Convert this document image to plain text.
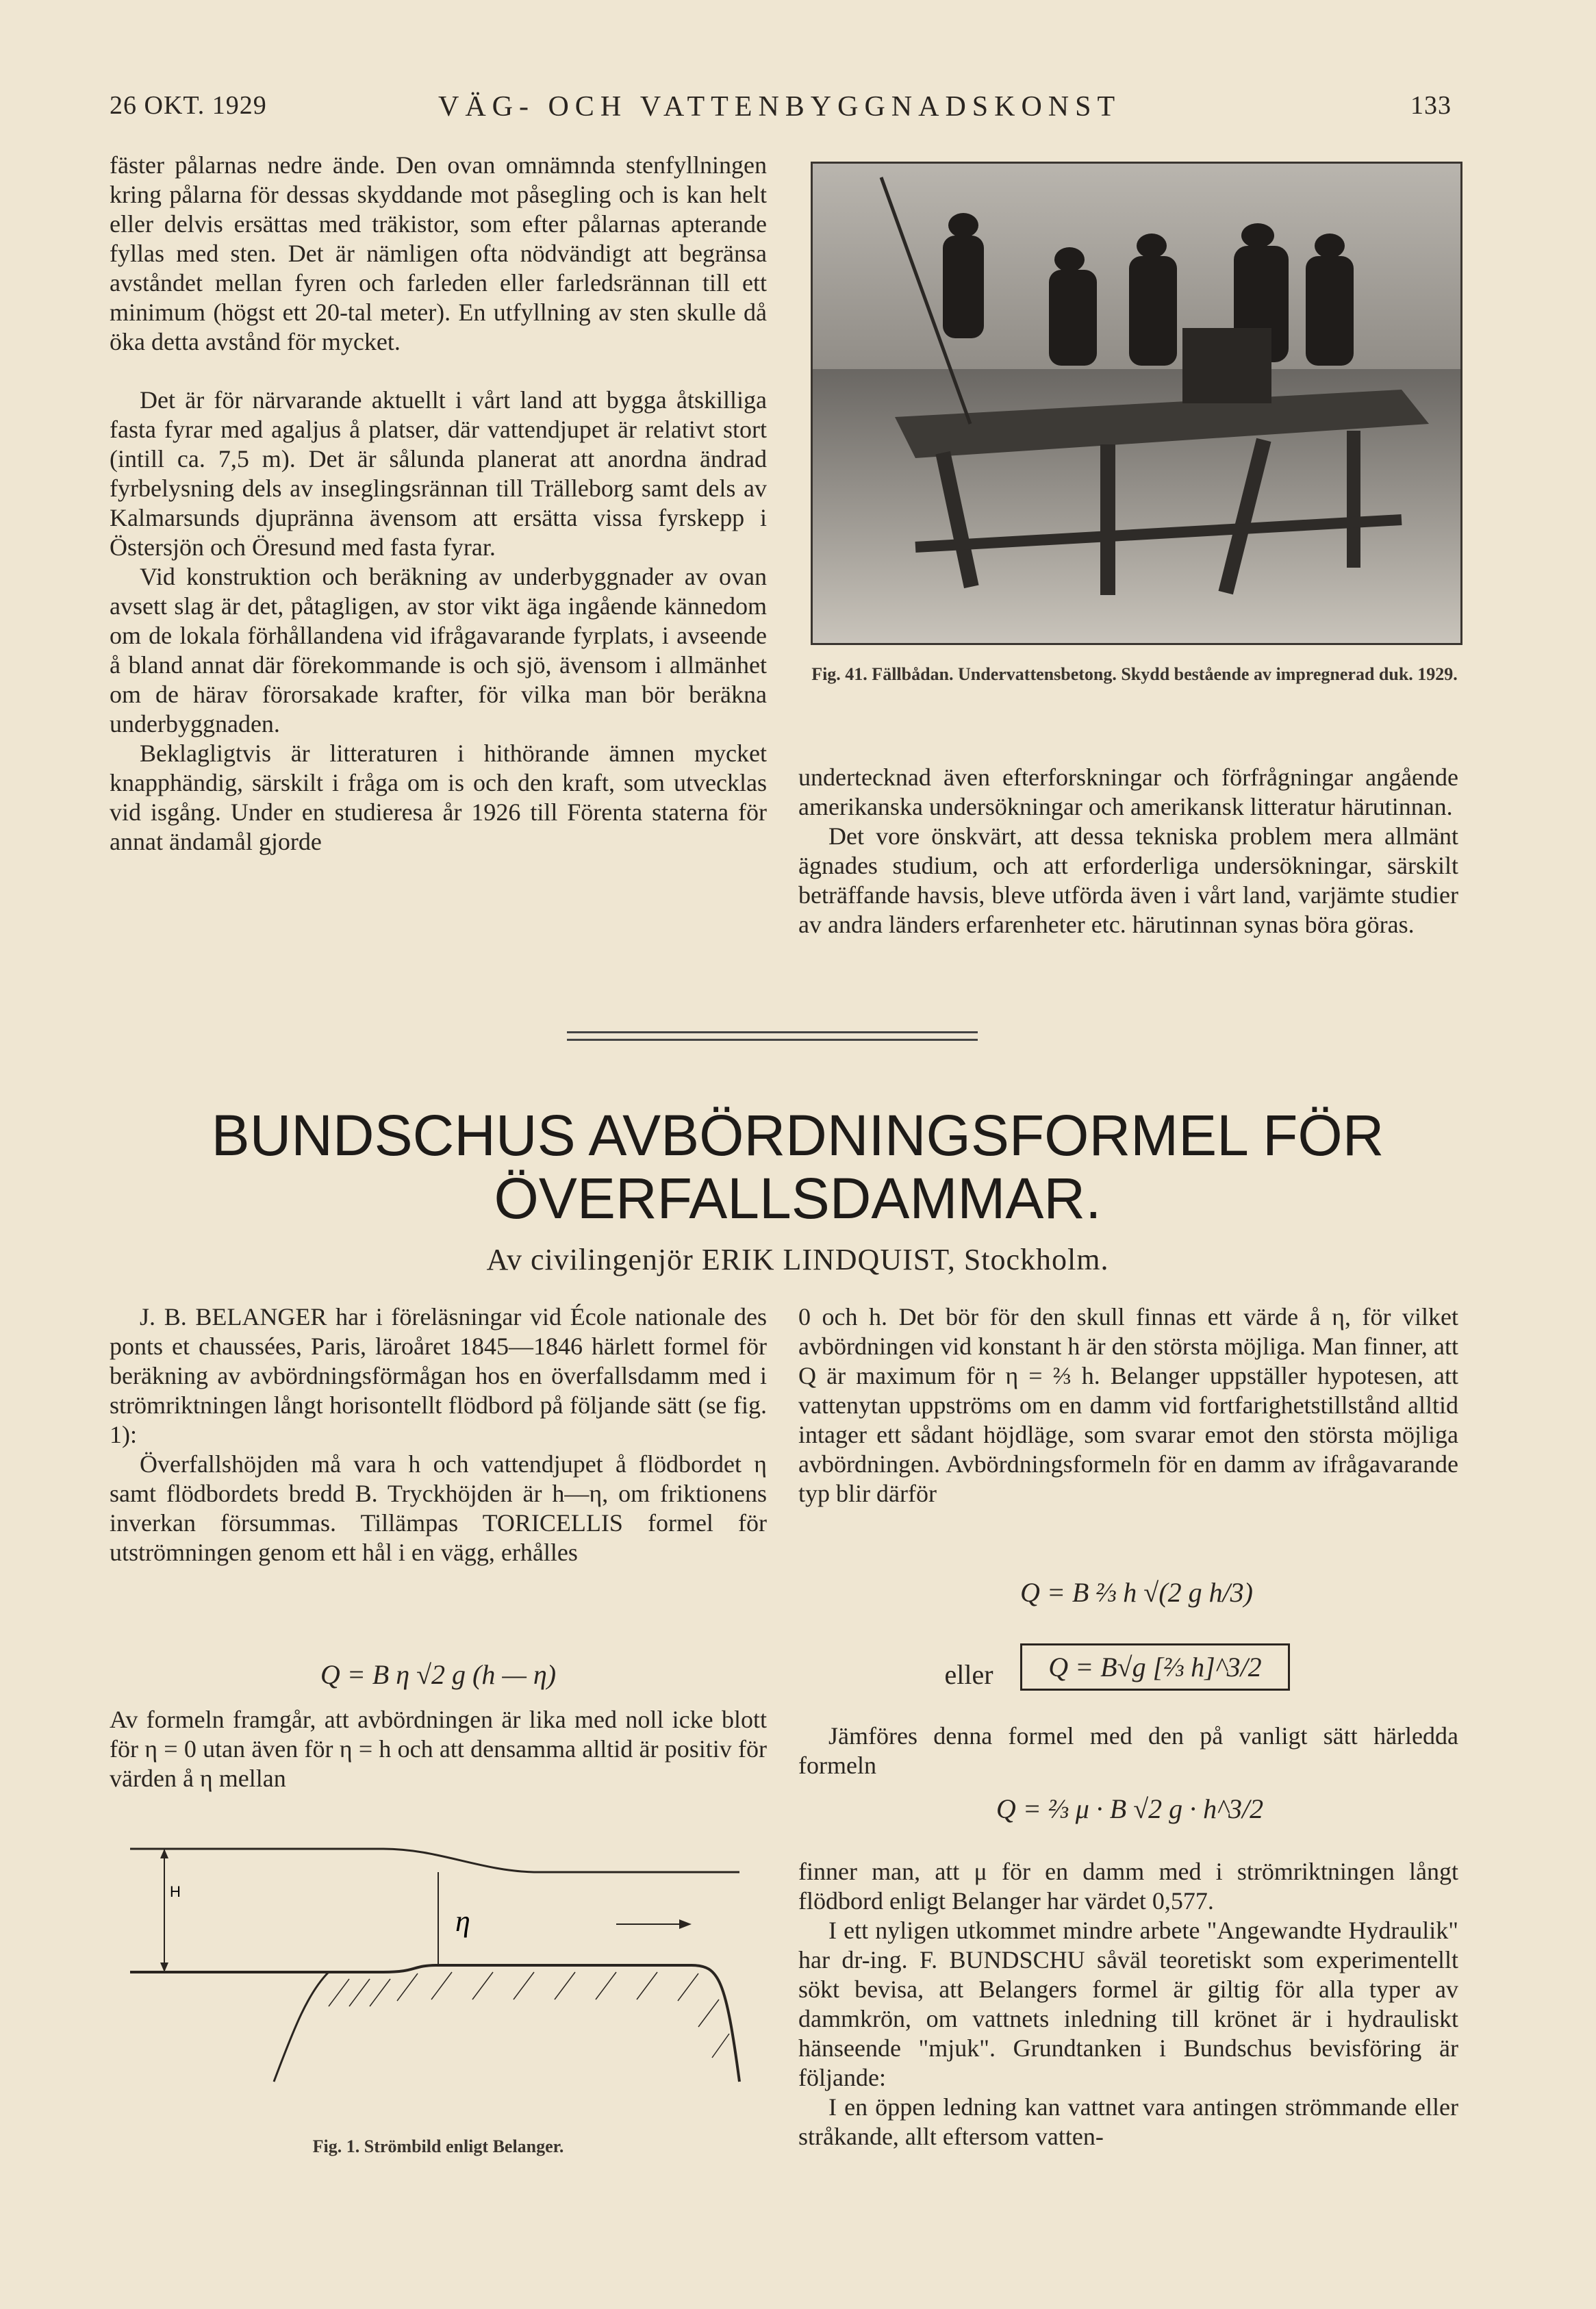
26 OKT. 1929	VÄG- OCH VATTENBYGGNADSKONST	133

fäster pålarnas nedre ände. Den ovan omnämnda stenfyllningen kring pålarna för dessas skyddande mot påsegling och is kan helt eller delvis ersättas med träkistor, som efter pålarnas apterande fyllas med sten. Det är nämligen ofta nödvändigt att begränsa avståndet mellan fyren och farleden eller farledsrännan till ett minimum (högst ett 20-tal meter). En utfyllning av sten skulle då öka detta avstånd för mycket.

Det är för närvarande aktuellt i vårt land att bygga åtskilliga fasta fyrar med agaljus å platser, där vattendjupet är relativt stort (intill ca. 7,5 m). Det är sålunda planerat att anordna ändrad fyrbelysning dels av inseglingsrännan till Trälleborg samt dels av Kalmarsunds djupränna ävensom att ersätta vissa fyrskepp i Östersjön och Öresund med fasta fyrar.

Vid konstruktion och beräkning av underbyggnader av ovan avsett slag är det, påtagligen, av stor vikt äga ingående kännedom om de lokala förhållandena vid ifrågavarande fyrplats, i avseende å bland annat där förekommande is och sjö, ävensom i allmänhet om de härav förorsakade krafter, för vilka man bör beräkna underbyggnaden.

Beklagligtvis är litteraturen i hithörande ämnen mycket knapphändig, särskilt i fråga om is och den kraft, som utvecklas vid isgång. Under en studieresa år 1926 till Förenta staterna för annat ändamål gjorde

Fig. 41. Fällbådan. Undervattensbetong. Skydd bestående av impregnerad duk. 1929.

undertecknad även efterforskningar och förfrågningar angående amerikanska undersökningar och amerikansk litteratur härutinnan.

Det vore önskvärt, att dessa tekniska problem mera allmänt ägnades studium, och att erforderliga undersökningar, särskilt beträffande havsis, bleve utförda även i vårt land, varjämte studier av andra länders erfarenheter etc. härutinnan synas böra göras.

BUNDSCHUS AVBÖRDNINGSFORMEL FÖR
ÖVERFALLSDAMMAR.
Av civilingenjör ERIK LINDQUIST, Stockholm.

J. B. BELANGER har i föreläsningar vid École nationale des ponts et chaussées, Paris, läroåret 1845—1846 härlett formel för beräkning av avbördningsförmågan hos en överfallsdamm med i strömriktningen långt horisontellt flödbord på följande sätt (se fig. 1):

Överfallshöjden må vara h och vattendjupet å flödbordet η samt flödbordets bredd B. Tryckhöjden är h—η, om friktionens inverkan försummas. Tillämpas TORICELLIS formel för utströmningen genom ett hål i en vägg, erhålles

Q = B η √2 g (h — η)

Av formeln framgår, att avbördningen är lika med noll icke blott för η = 0 utan även för η = h och att densamma alltid är positiv för värden å η mellan

H
η
Fig. 1. Strömbild enligt Belanger.

0 och h. Det bör för den skull finnas ett värde å η, för vilket avbördningen vid konstant h är den största möjliga. Man finner, att Q är maximum för η = ⅔ h. Belanger uppställer hypotesen, att vattenytan uppströms om en damm vid fortfarighetstillstånd alltid intager ett sådant höjdläge, som svarar emot den största möjliga avbördningen. Avbördningsformeln för en damm av ifrågavarande typ blir därför

Q = B ⅔ h √(2 g h/3)
eller	Q = B√g [⅔ h]^3/2

Jämföres denna formel med den på vanligt sätt härledda formeln

Q = ⅔ μ · B √2 g · h^3/2

finner man, att μ för en damm med i strömriktningen långt flödbord enligt Belanger har värdet 0,577.

I ett nyligen utkommet mindre arbete "Angewandte Hydraulik" har dr-ing. F. BUNDSCHU såväl teoretiskt som experimentellt sökt bevisa, att Belangers formel är giltig för alla typer av dammkrön, om vattnets inledning till krönet är i hydrauliskt hänseende "mjuk". Grundtanken i Bundschus bevisföring är följande:

I en öppen ledning kan vattnet vara antingen strömmande eller stråkande, allt eftersom vatten-
